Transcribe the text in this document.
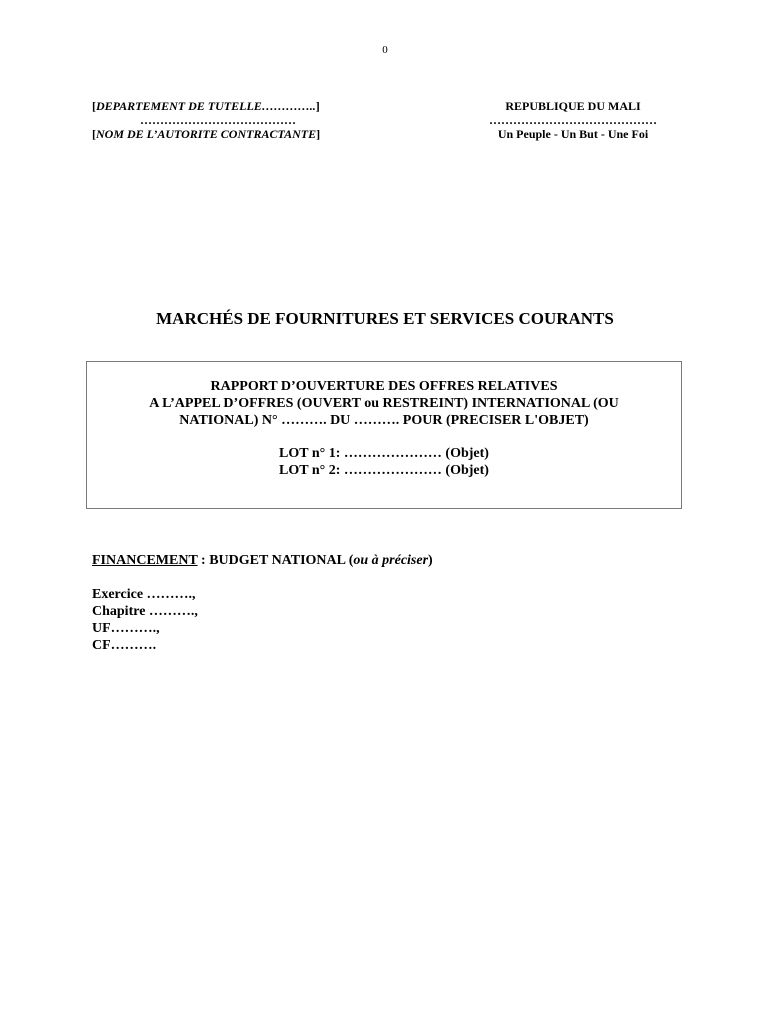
0
[DEPARTEMENT DE TUTELLE…………..]
…………………………………
[NOM DE L’AUTORITE CONTRACTANTE]
REPUBLIQUE DU MALI
……………………………………
Un Peuple - Un But - Une Foi
MARCHÉS DE FOURNITURES ET SERVICES COURANTS
RAPPORT D’OUVERTURE DES OFFRES RELATIVES
A L’APPEL D’OFFRES (OUVERT ou RESTREINT) INTERNATIONAL (OU
NATIONAL) N° ………. DU ………. POUR (PRECISER L'OBJET)
LOT n° 1: ………………… (Objet)
LOT n° 2: ………………… (Objet)
FINANCEMENT : BUDGET NATIONAL (ou à préciser)
Exercice ……….,
Chapitre ……….,
UF……….,
CF……….
